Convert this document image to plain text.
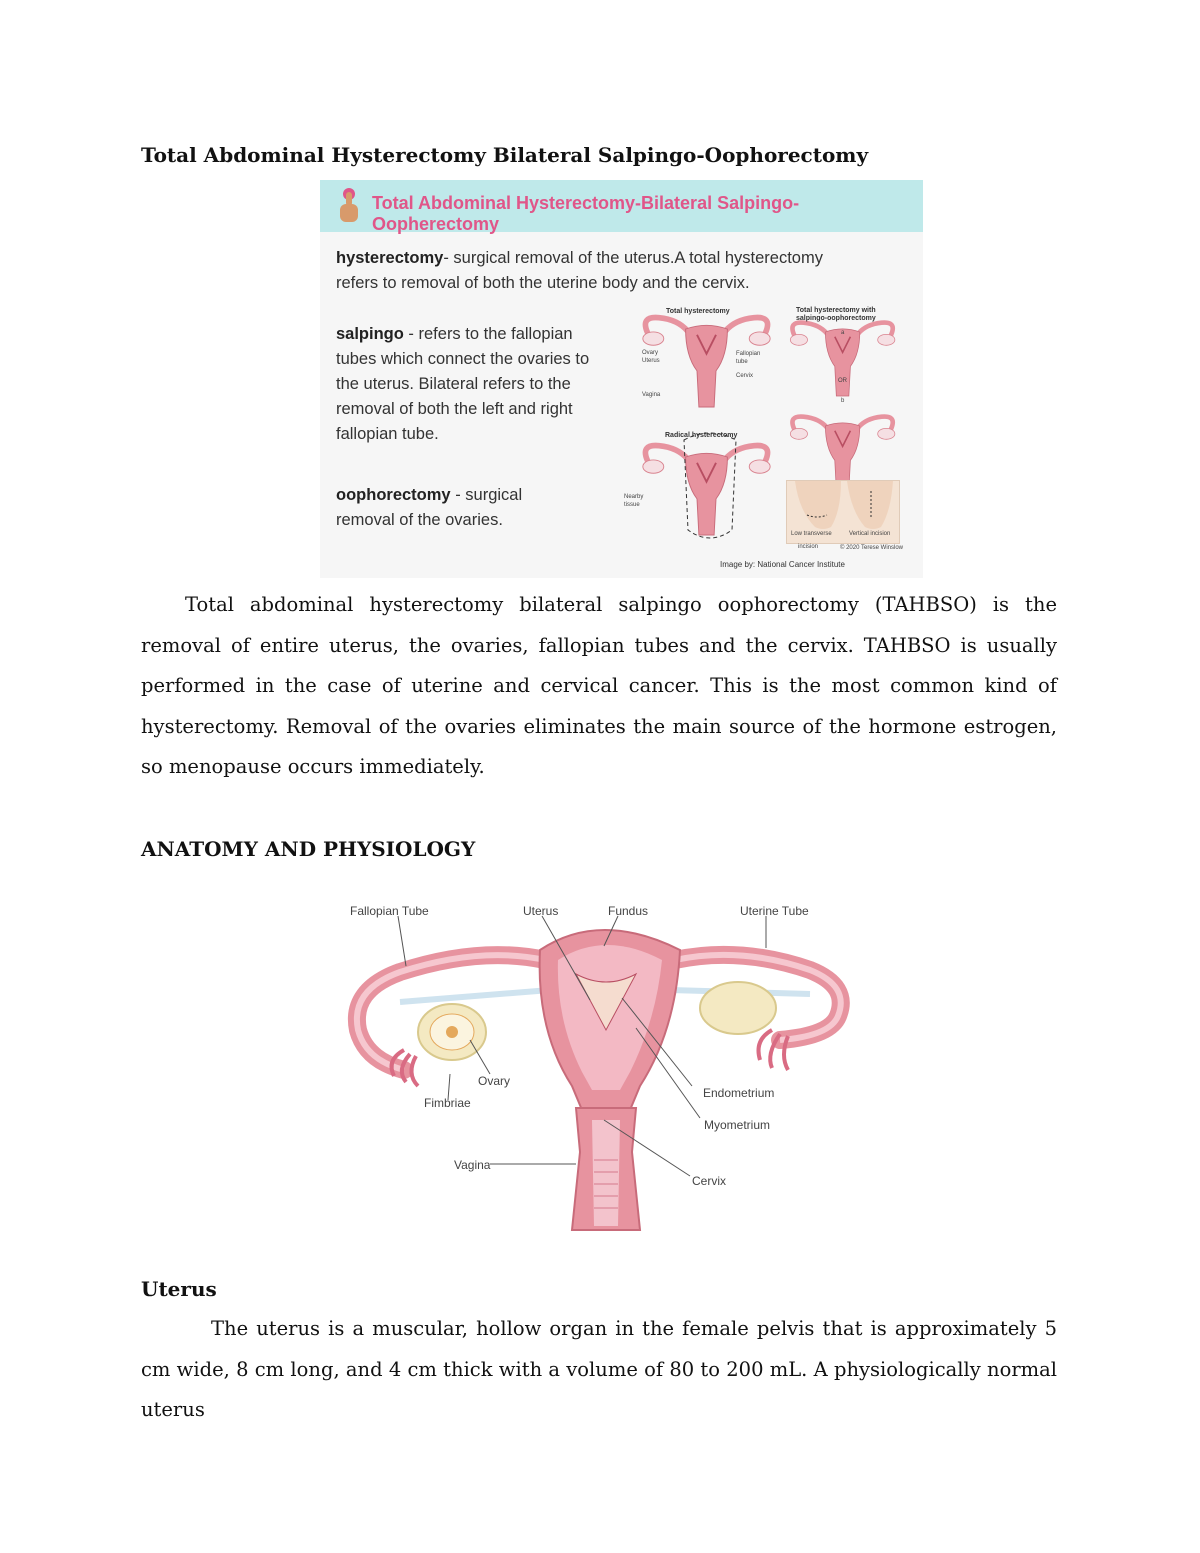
Total Abdominal Hysterectomy Bilateral Salpingo-Oophorectomy
Total Abdominal Hysterectomy-Bilateral Salpingo-Oopherectomy
hysterectomy- surgical removal of the uterus.A total hysterectomy
refers to removal of both the uterine body and the cervix.
salpingo - refers to the fallopian
tubes which connect the ovaries to
the uterus. Bilateral refers to the
removal of both the left and right
fallopian tube.
oophorectomy - surgical
removal of the ovaries.
Total hysterectomy	Total hysterectomy with
salpingo-oophorectomy
Radical hysterectomy
Ovary
Uterus
Vagina
Fallopian
tube
Cervix
Nearby
tissue
a
OR
b
Low transverse	Vertical incision
incision	© 2020 Terese Winslow
Image by: National Cancer Institute
Total abdominal hysterectomy bilateral salpingo oophorectomy (TAHBSO) is the removal of entire uterus, the ovaries, fallopian tubes and the cervix. TAHBSO is usually performed in the case of uterine and cervical cancer. This is the most common kind of hysterectomy. Removal of the ovaries eliminates the main source of the hormone estrogen, so menopause occurs immediately.
ANATOMY AND PHYSIOLOGY
Fallopian Tube	Uterus	Fundus	Uterine Tube
Ovary
Fimbriae
Endometrium
Myometrium
Vagina
Cervix
Uterus
The uterus is a muscular, hollow organ in the female pelvis that is approximately 5 cm wide, 8 cm long, and 4 cm thick with a volume of 80 to 200 mL. A physiologically normal uterus
